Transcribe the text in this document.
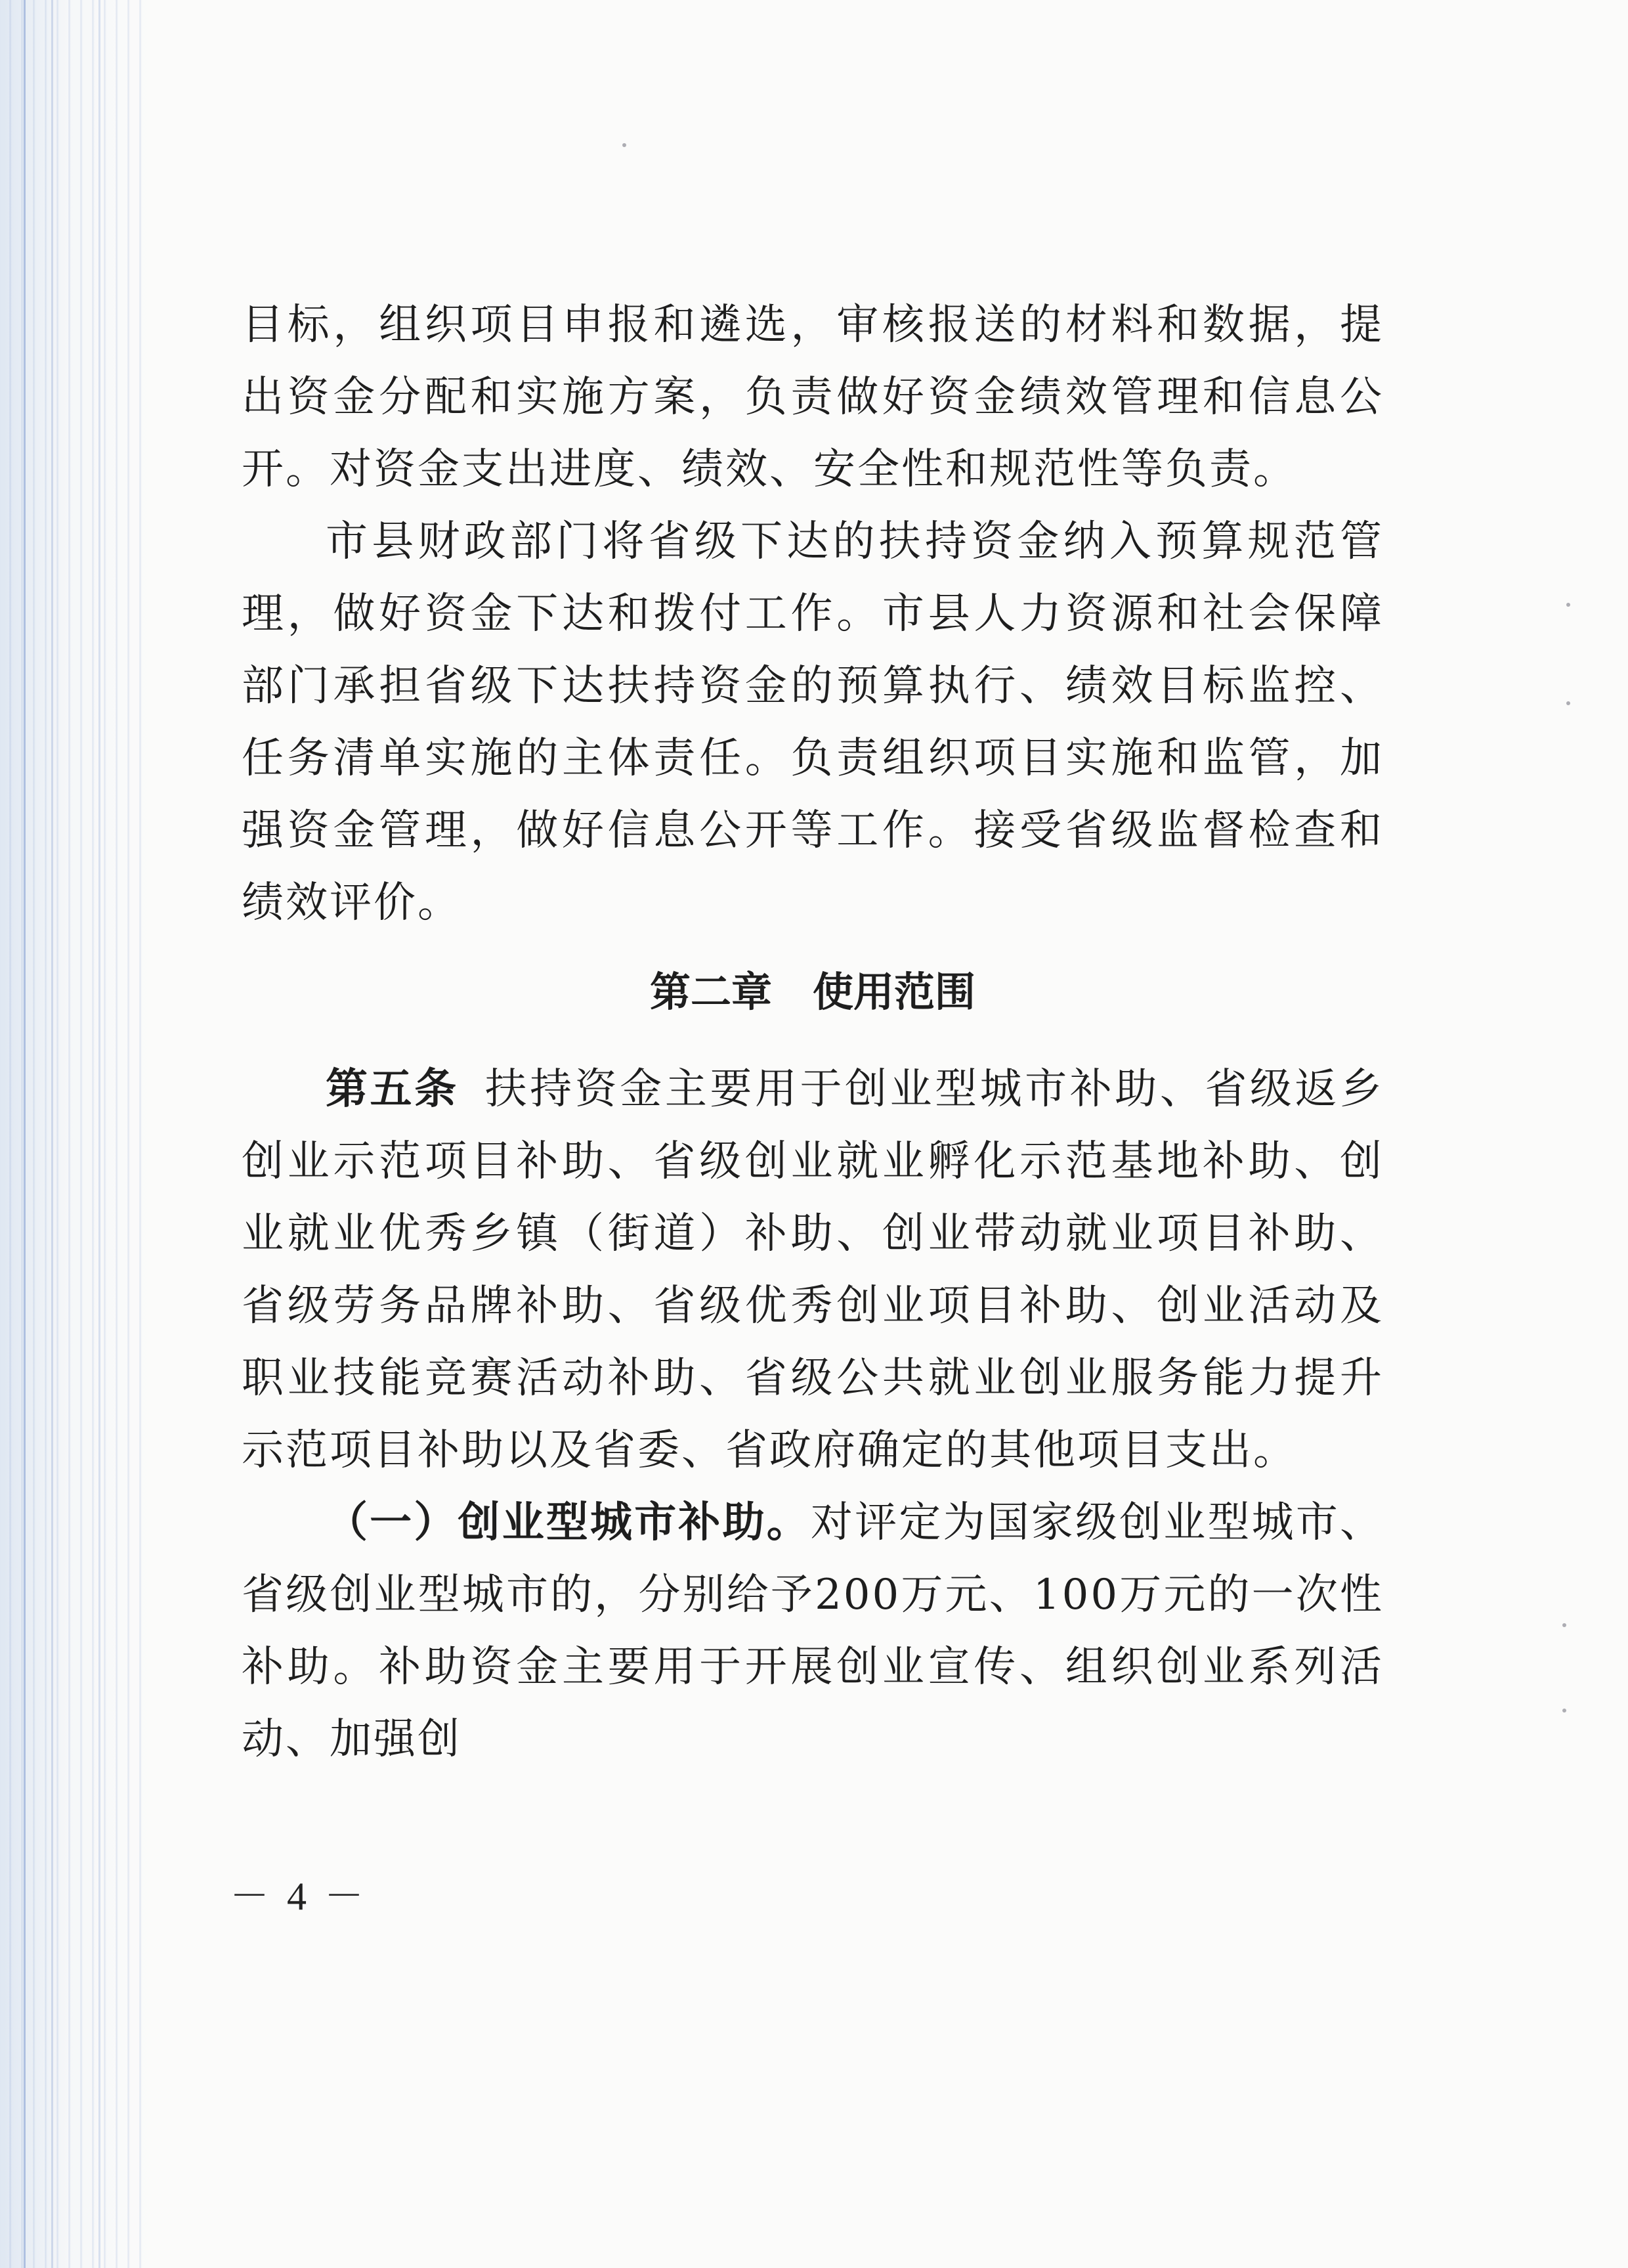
目标，组织项目申报和遴选，审核报送的材料和数据，提出资金分配和实施方案，负责做好资金绩效管理和信息公开。对资金支出进度、绩效、安全性和规范性等负责。

市县财政部门将省级下达的扶持资金纳入预算规范管理，做好资金下达和拨付工作。市县人力资源和社会保障部门承担省级下达扶持资金的预算执行、绩效目标监控、任务清单实施的主体责任。负责组织项目实施和监管，加强资金管理，做好信息公开等工作。接受省级监督检查和绩效评价。

第二章　使用范围

第五条 扶持资金主要用于创业型城市补助、省级返乡创业示范项目补助、省级创业就业孵化示范基地补助、创业就业优秀乡镇（街道）补助、创业带动就业项目补助、省级劳务品牌补助、省级优秀创业项目补助、创业活动及职业技能竞赛活动补助、省级公共就业创业服务能力提升示范项目补助以及省委、省政府确定的其他项目支出。

（一）创业型城市补助。对评定为国家级创业型城市、省级创业型城市的，分别给予200万元、100万元的一次性补助。补助资金主要用于开展创业宣传、组织创业系列活动、加强创

－ 4 －
